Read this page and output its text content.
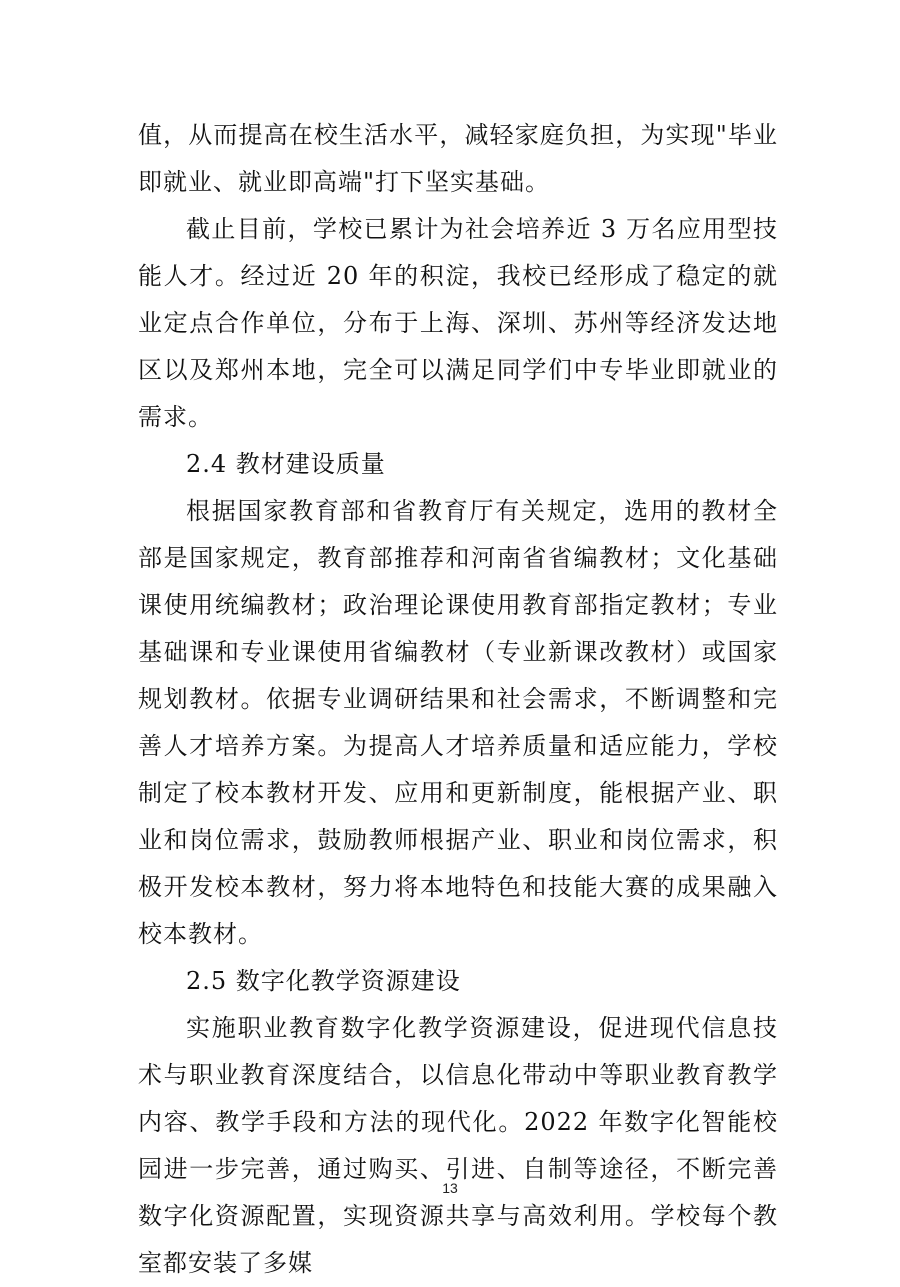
值，从而提高在校生活水平，减轻家庭负担，为实现"毕业即就业、就业即高端"打下坚实基础。

截止目前，学校已累计为社会培养近 3 万名应用型技能人才。经过近 20 年的积淀，我校已经形成了稳定的就业定点合作单位，分布于上海、深圳、苏州等经济发达地区以及郑州本地，完全可以满足同学们中专毕业即就业的需求。

2.4 教材建设质量

根据国家教育部和省教育厅有关规定，选用的教材全部是国家规定，教育部推荐和河南省省编教材；文化基础课使用统编教材；政治理论课使用教育部指定教材；专业基础课和专业课使用省编教材（专业新课改教材）或国家规划教材。依据专业调研结果和社会需求，不断调整和完善人才培养方案。为提高人才培养质量和适应能力，学校制定了校本教材开发、应用和更新制度，能根据产业、职业和岗位需求，鼓励教师根据产业、职业和岗位需求，积极开发校本教材，努力将本地特色和技能大赛的成果融入校本教材。

2.5 数字化教学资源建设

实施职业教育数字化教学资源建设，促进现代信息技术与职业教育深度结合，以信息化带动中等职业教育教学内容、教学手段和方法的现代化。2022 年数字化智能校园进一步完善，通过购买、引进、自制等途径，不断完善数字化资源配置，实现资源共享与高效利用。学校每个教室都安装了多媒

13
